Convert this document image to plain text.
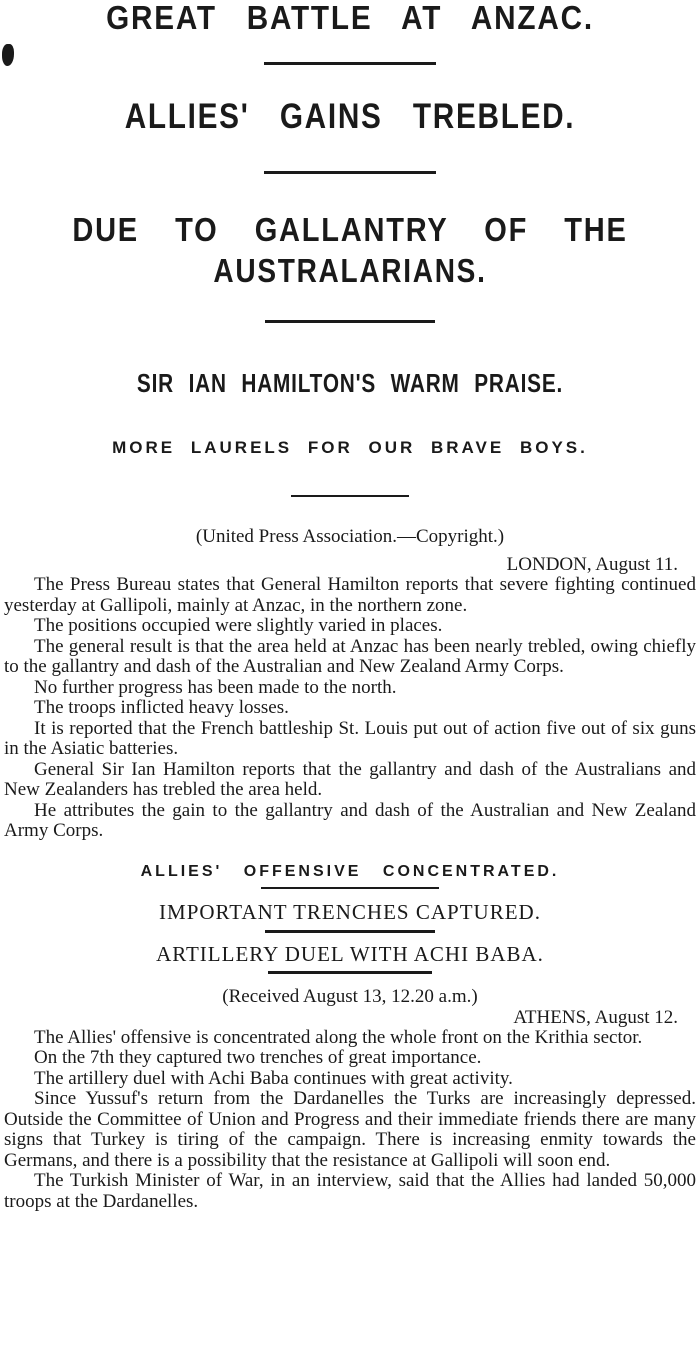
GREAT BATTLE AT ANZAC.
ALLIES' GAINS TREBLED.
DUE TO GALLANTRY OF THE
AUSTRALARIANS.
SIR IAN HAMILTON'S WARM PRAISE.
MORE LAURELS FOR OUR BRAVE BOYS.
(United Press Association.—Copyright.)
LONDON, August 11.

The Press Bureau states that General Hamilton reports that severe fighting continued yesterday at Gallipoli, mainly at Anzac, in the northern zone.

The positions occupied were slightly varied in places.

The general result is that the area held at Anzac has been nearly trebled, owing chiefly to the gallantry and dash of the Australian and New Zealand Army Corps.

No further progress has been made to the north.

The troops inflicted heavy losses.

It is reported that the French battleship St. Louis put out of action five out of six guns in the Asiatic batteries.

General Sir Ian Hamilton reports that the gallantry and dash of the Australians and New Zealanders has trebled the area held.

He attributes the gain to the gallantry and dash of the Australian and New Zealand Army Corps.

ALLIES' OFFENSIVE CONCENTRATED.
IMPORTANT TRENCHES CAPTURED.
ARTILLERY DUEL WITH ACHI BABA.
(Received August 13, 12.20 a.m.)
ATHENS, August 12.

The Allies' offensive is concentrated along the whole front on the Krithia sector.

On the 7th they captured two trenches of great importance.

The artillery duel with Achi Baba continues with great activity.

Since Yussuf's return from the Dardanelles the Turks are increasingly depressed. Outside the Committee of Union and Progress and their immediate friends there are many signs that Turkey is tiring of the campaign. There is increasing enmity towards the Germans, and there is a possibility that the resistance at Gallipoli will soon end.

The Turkish Minister of War, in an interview, said that the Allies had landed 50,000 troops at the Dardanelles.
